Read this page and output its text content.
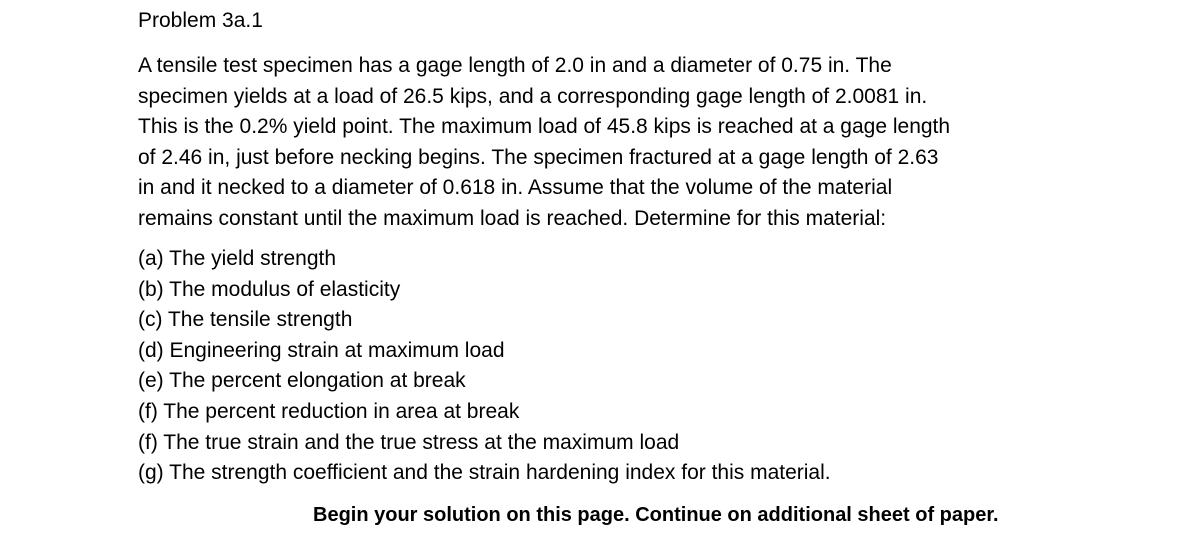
Problem 3a.1
A tensile test specimen has a gage length of 2.0 in and a diameter of 0.75 in. The
specimen yields at a load of 26.5 kips, and a corresponding gage length of 2.0081 in.
This is the 0.2% yield point. The maximum load of 45.8 kips is reached at a gage length
of 2.46 in, just before necking begins. The specimen fractured at a gage length of 2.63
in and it necked to a diameter of 0.618 in. Assume that the volume of the material
remains constant until the maximum load is reached. Determine for this material:
(a) The yield strength
(b) The modulus of elasticity
(c) The tensile strength
(d) Engineering strain at maximum load
(e) The percent elongation at break
(f) The percent reduction in area at break
(f) The true strain and the true stress at the maximum load
(g) The strength coefficient and the strain hardening index for this material.
Begin your solution on this page. Continue on additional sheet of paper.
